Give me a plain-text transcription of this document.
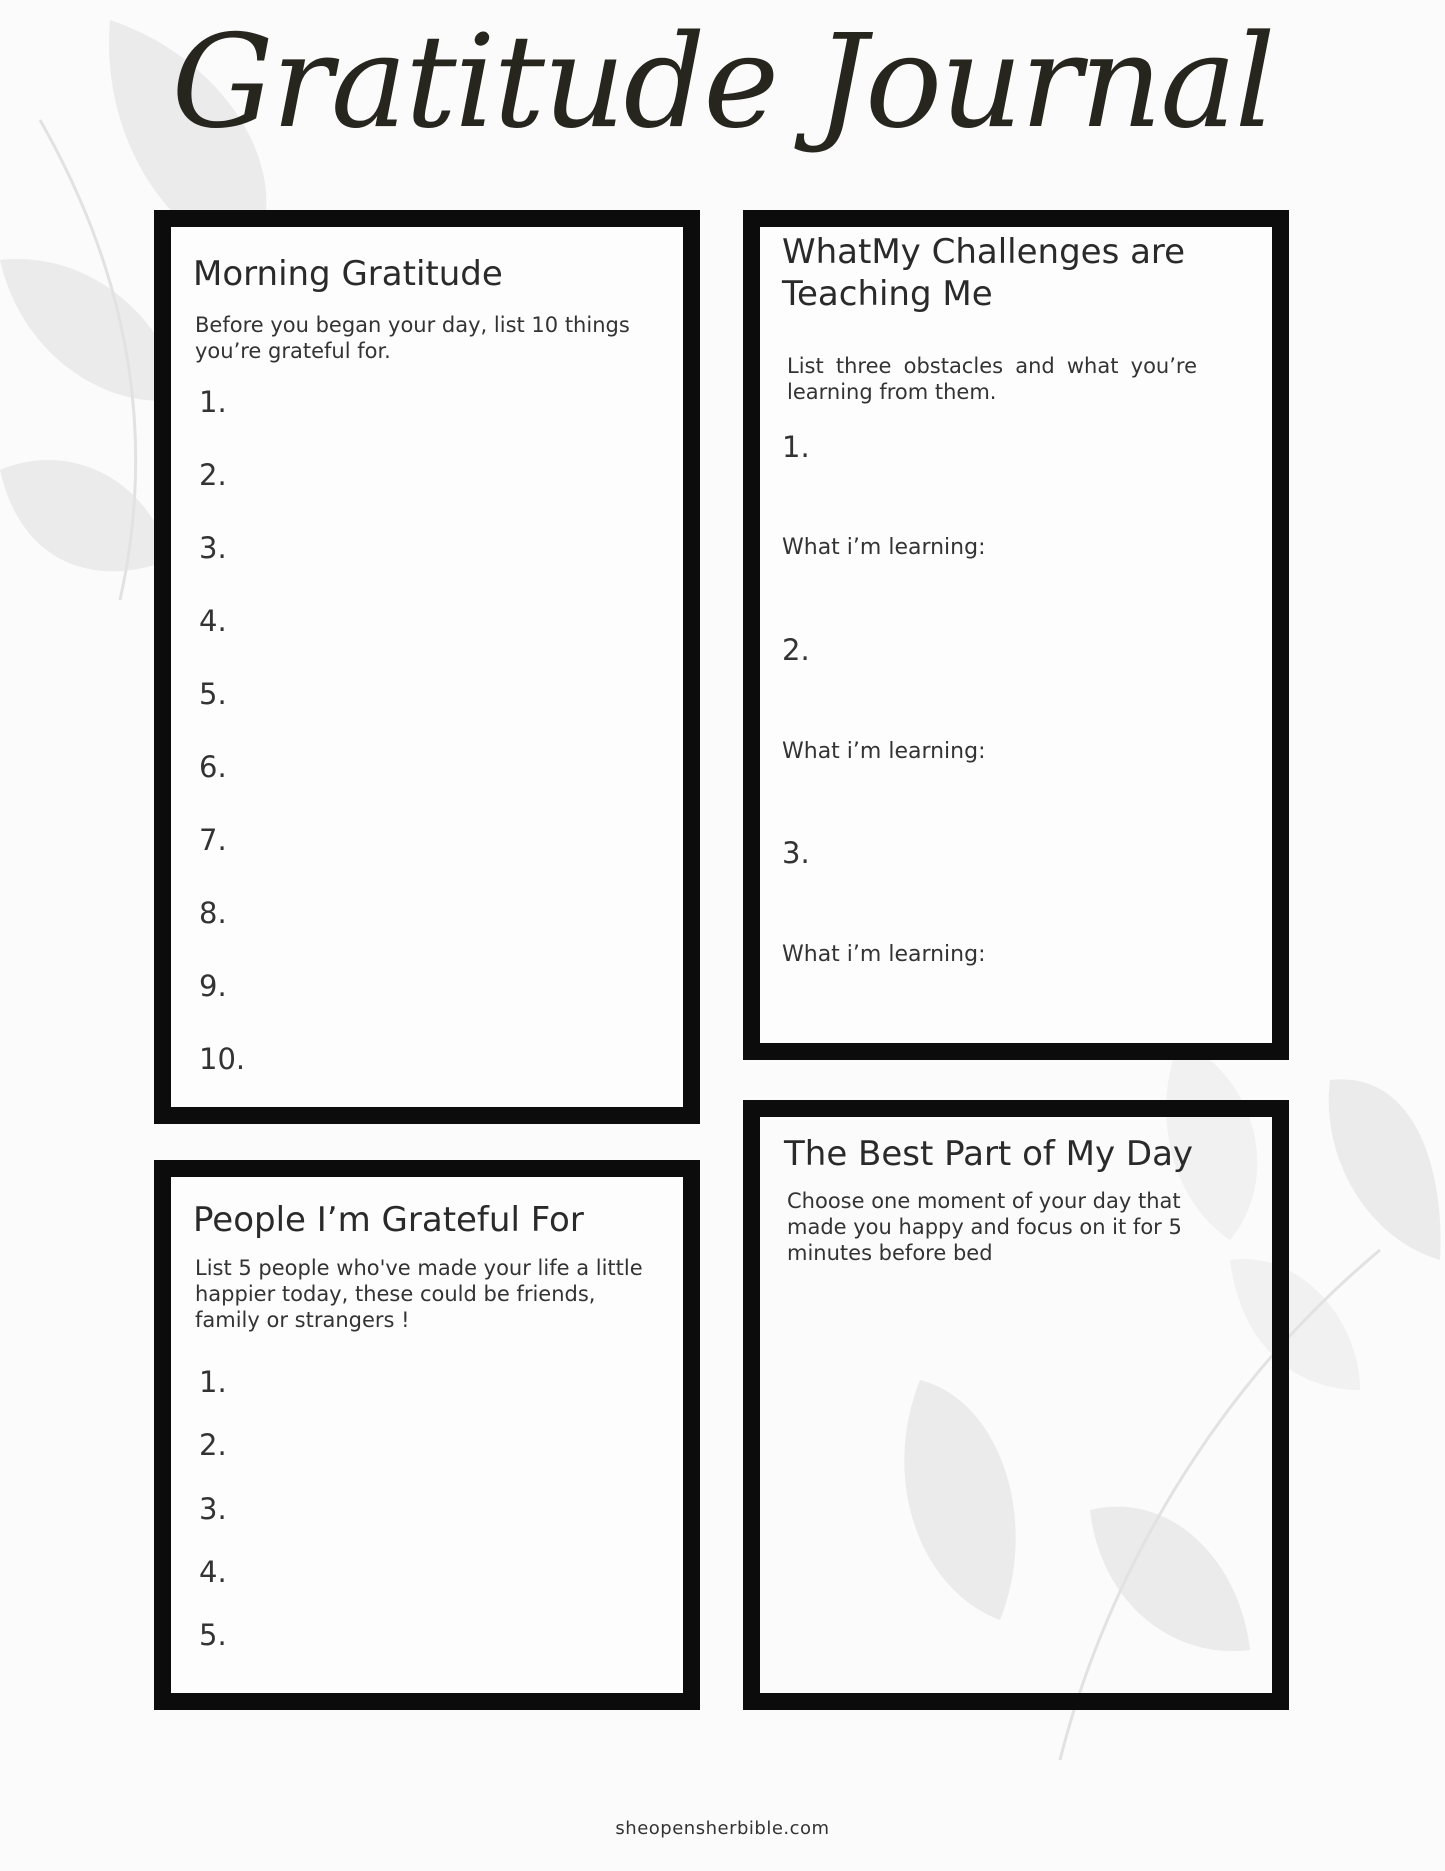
Gratitude Journal
Morning Gratitude

Before you began your day, list 10 things you’re grateful for.

1.
2.
3.
4.
5.
6.
7.
8.
9.
10.
WhatMy Challenges are Teaching Me

List three obstacles and what you’re learning from them.

1.
What i’m learning:
2.
What i’m learning:
3.
What i’m learning:
People I’m Grateful For

List 5 people who've made your life a little happier today, these could be friends, family or strangers !

1.
2.
3.
4.
5.
The Best Part of My Day

Choose one moment of your day that made you happy and focus on it for 5 minutes before bed

sheopensherbible.com
